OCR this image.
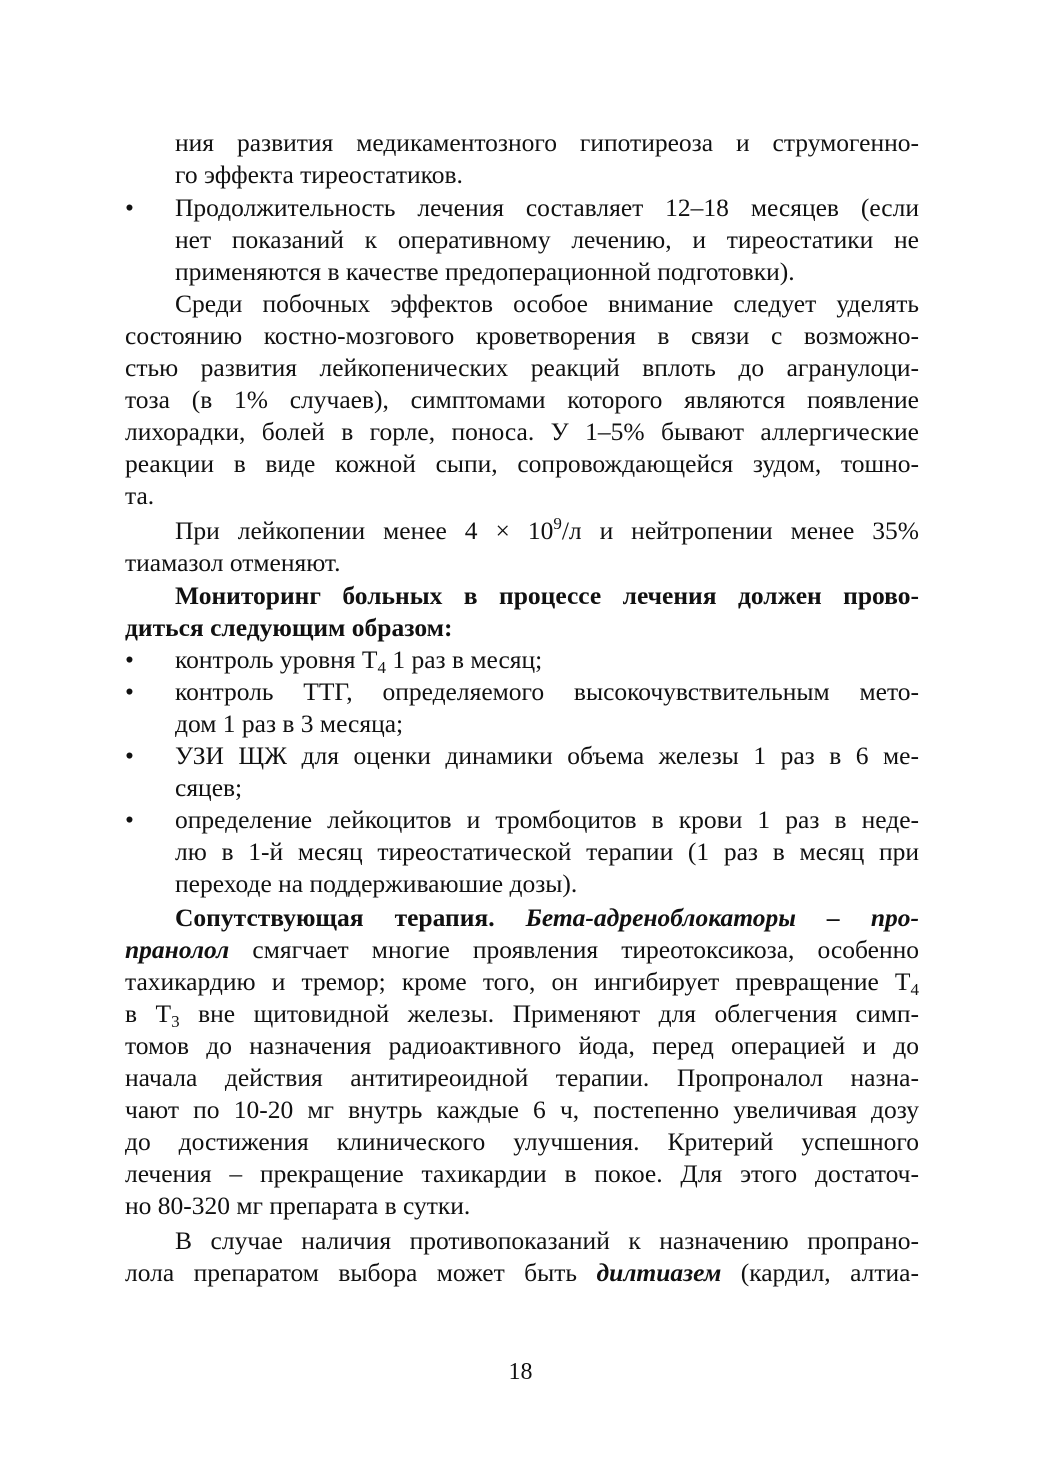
ния развития медикаментозного гипотиреоза и струмогенно-
го эффекта тиреостатиков.
•	Продолжительность лечения составляет 12–18 месяцев (если
нет показаний к оперативному лечению, и тиреостатики не
применяются в качестве предоперационной подготовки).
Среди побочных эффектов особое внимание следует уделять
состоянию костно-мозгового кроветворения в связи с возможно-
стью развития лейкопенических реакций вплоть до агранулоци-
тоза (в 1% случаев), симптомами которого являются появление
лихорадки, болей в горле, поноса. У 1–5% бывают аллергические
реакции в виде кожной сыпи, сопровождающейся зудом, тошно-
та.
При лейкопении менее $4 \times 10^9/л$ и нейтропении менее 35%
тиамазол отменяют.
Мониторинг больных в процессе лечения должен прово-
диться следующим образом:
•	контроль уровня $Т_4$ 1 раз в месяц;
•	контроль ТТГ, определяемого высокочувствительным мето-
дом 1 раз в 3 месяца;
•	УЗИ ЩЖ для оценки динамики объема железы 1 раз в 6 ме-
сяцев;
•	определение лейкоцитов и тромбоцитов в крови 1 раз в неде-
лю в 1-й месяц тиреостатической терапии (1 раз в месяц при
переходе на поддерживаюшие дозы).
Сопутствующая терапия. Бета-адреноблокаторы – про-
пранолол смягчает многие проявления тиреотоксикоза, особенно
тахикардию и тремор; кроме того, он ингибирует превращение $Т_4$
в $Т_3$ вне щитовидной железы. Применяют для облегчения симп-
томов до назначения радиоактивного йода, перед операцией и до
начала действия антитиреоидной терапии. Пропроналол назна-
чают по 10-20 мг внутрь каждые 6 ч, постепенно увеличивая дозу
до достижения клинического улучшения. Критерий успешного
лечения – прекращение тахикардии в покое. Для этого достаточ-
но 80-320 мг препарата в сутки.
В случае наличия противопоказаний к назначению пропрано-
лола препаратом выбора может быть дилтиазем (кардил, алтиа-
18
